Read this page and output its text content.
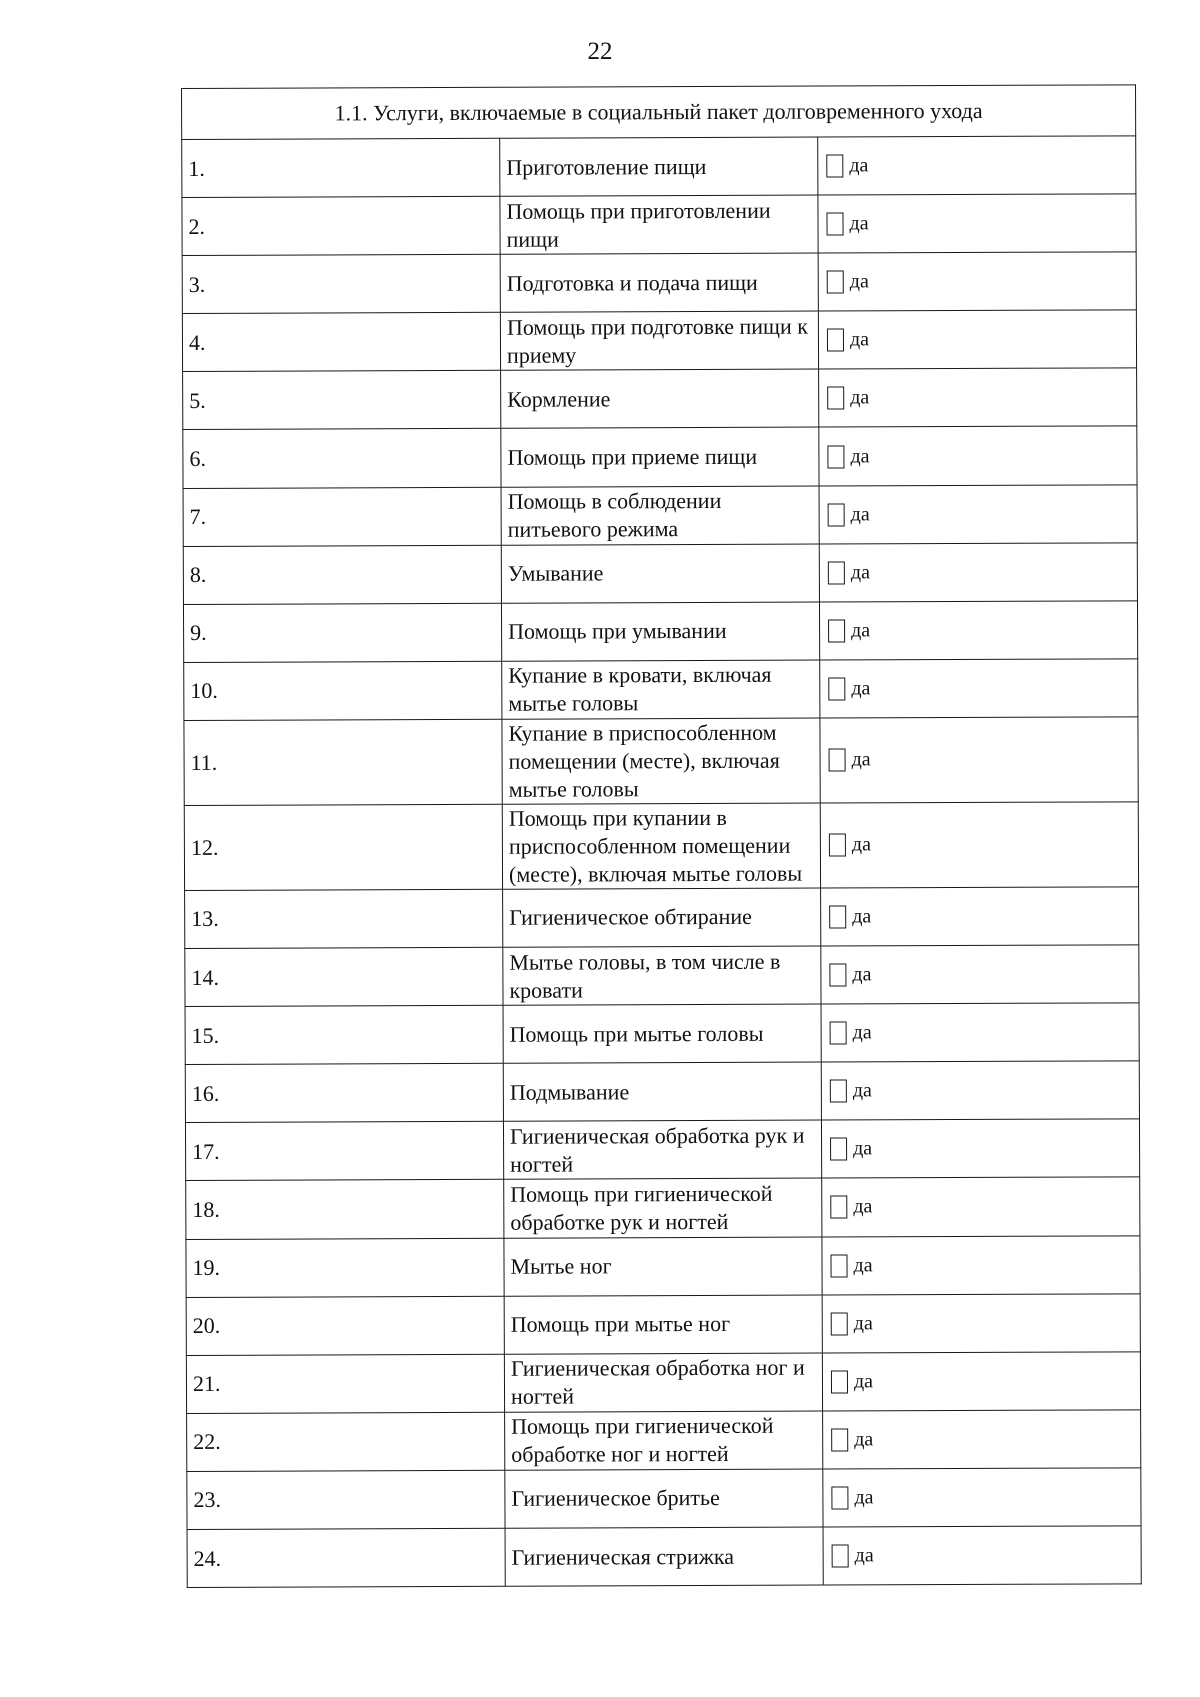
22
1.1. Услуги, включаемые в социальный пакет долговременного ухода		
1.	Приготовление пищи	да

2.	Помощь при приготовлении пищи	да

3.	Подготовка и подача пищи	да

4.	Помощь при подготовке пищи к приему	да

5.	Кормление	да

6.	Помощь при приеме пищи	да

7.	Помощь в соблюдении питьевого режима	да

8.	Умывание	да

9.	Помощь при умывании	да

10.	Купание в кровати, включая мытье головы	да

11.	Купание в приспособленном помещении (месте), включая мытье головы	да

12.	Помощь при купании в приспособленном помещении (месте), включая мытье головы	да

13.	Гигиеническое обтирание	да

14.	Мытье головы, в том числе в кровати	да

15.	Помощь при мытье головы	да

16.	Подмывание	да

17.	Гигиеническая обработка рук и ногтей	да

18.	Помощь при гигиенической обработке рук и ногтей	да

19.	Мытье ног	да

20.	Помощь при мытье ног	да

21.	Гигиеническая обработка ног и ногтей	да

22.	Помощь при гигиенической обработке ног и ногтей	да

23.	Гигиеническое бритье	да

24.	Гигиеническая стрижка	да
